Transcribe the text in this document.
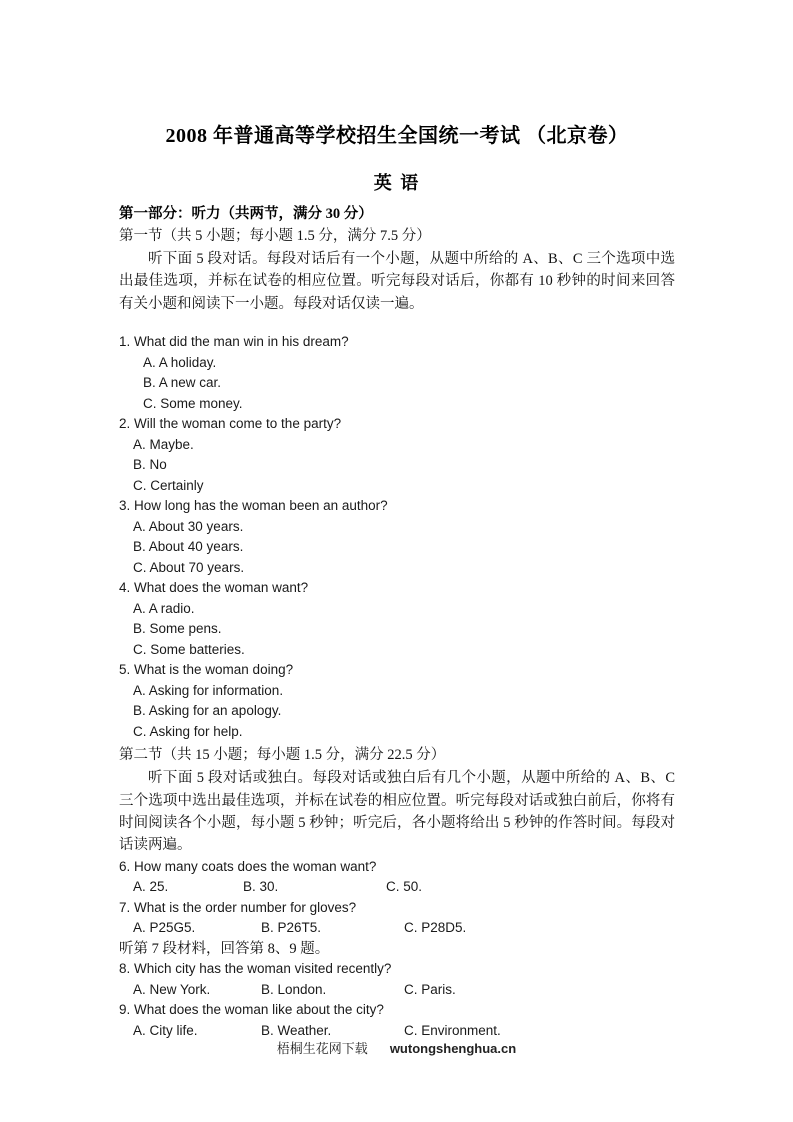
2008 年普通高等学校招生全国统一考试 （北京卷）
英 语
第一部分：听力（共两节，满分 30 分）
第一节（共 5 小题；每小题 1.5 分，满分 7.5 分）

听下面 5 段对话。每段对话后有一个小题，从题中所给的 A、B、C 三个选项中选出最佳选项，并标在试卷的相应位置。听完每段对话后，你都有 10 秒钟的时间来回答有关小题和阅读下一小题。每段对话仅读一遍。

1. What did the man win in his dream?
A. A holiday.
B. A new car.
C. Some money.
2. Will the woman come to the party?
A. Maybe.
B. No
C. Certainly
3. How long has the woman been an author?
A. About 30 years.
B. About 40 years.
C. About 70 years.
4. What does the woman want?
A. A radio.
B. Some pens.
C. Some batteries.
5. What is the woman doing?
A. Asking for information.
B. Asking for an apology.
C. Asking for help.
第二节（共 15 小题；每小题 1.5 分，满分 22.5 分）

听下面 5 段对话或独白。每段对话或独白后有几个小题，从题中所给的 A、B、C 三个选项中选出最佳选项，并标在试卷的相应位置。听完每段对话或独白前后，你将有时间阅读各个小题，每小题 5 秒钟；听完后，各小题将给出 5 秒钟的作答时间。每段对话读两遍。

6. How many coats does the woman want?
A. 25.	B. 30.	C. 50.
7. What is the order number for gloves?
A. P25G5.	B. P26T5.	C. P28D5.
听第 7 段材料，回答第 8、9 题。
8. Which city has the woman visited recently?
A. New York.	B. London.	C. Paris.
9. What does the woman like about the city?
A. City life.	B. Weather.	C. Environment.
梧桐生花网下载 wutongshenghua.cn
